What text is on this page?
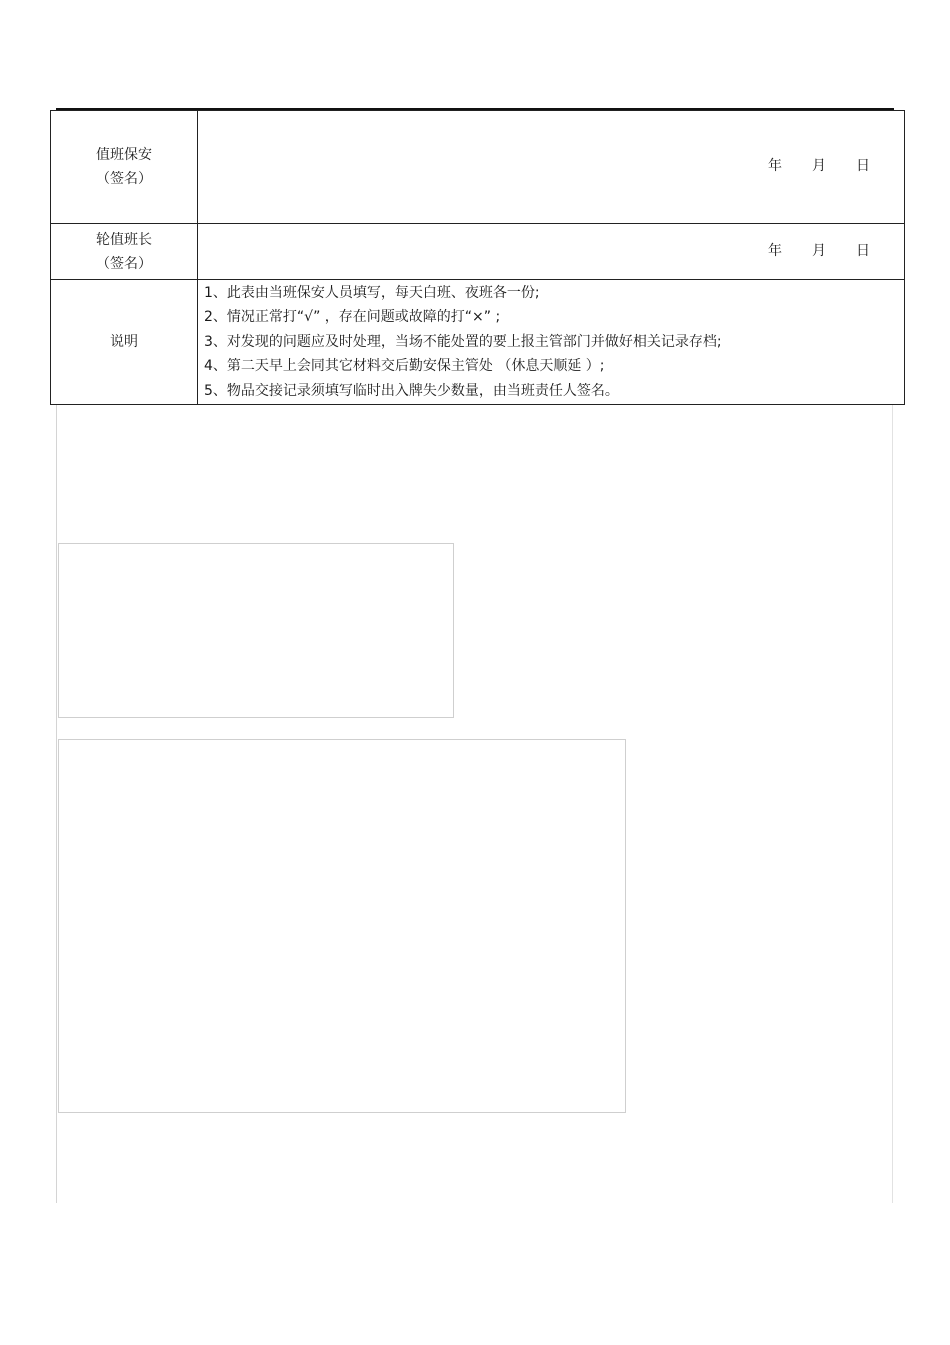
值班保安
（签名）	年 月 日

轮值班长
（签名）	年 月 日

说明	1、此表由当班保安人员填写，每天白班、夜班各一份;
2、情况正常打“√” ，存在问题或故障的打“×” ;
3、对发现的问题应及时处理，当场不能处置的要上报主管部门并做好相关记录存档;
4、第二天早上会同其它材料交后勤安保主管处 （休息天顺延 ）;
5、物品交接记录须填写临时出入牌失少数量，由当班责任人签名。
